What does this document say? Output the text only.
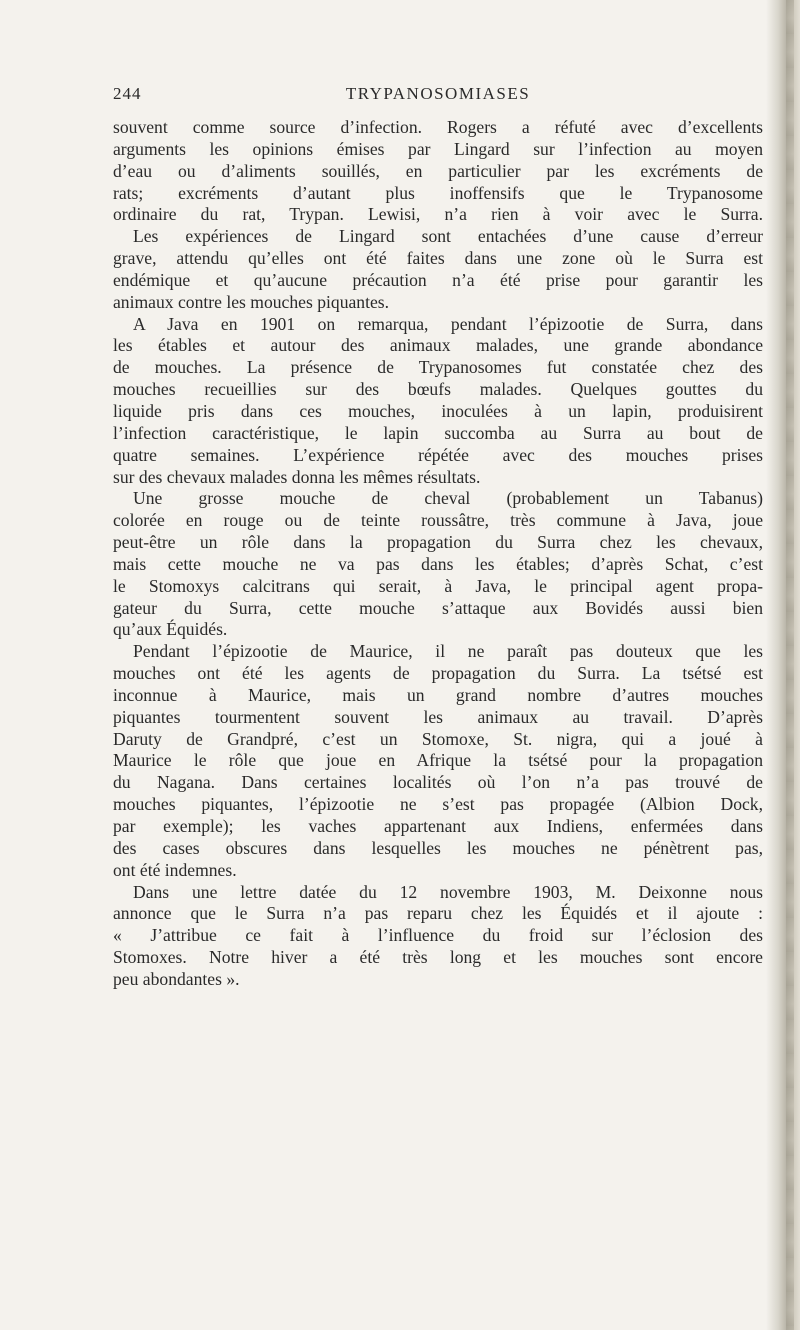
244	TRYPANOSOMIASES
souvent comme source d’infection. Rogers a réfuté avec d’excellents
arguments les opinions émises par Lingard sur l’infection au moyen
d’eau ou d’aliments souillés, en particulier par les excréments de
rats; excréments d’autant plus inoffensifs que le Trypanosome
ordinaire du rat, Trypan. Lewisi, n’a rien à voir avec le Surra.
Les expériences de Lingard sont entachées d’une cause d’erreur
grave, attendu qu’elles ont été faites dans une zone où le Surra est
endémique et qu’aucune précaution n’a été prise pour garantir les
animaux contre les mouches piquantes.
A Java en 1901 on remarqua, pendant l’épizootie de Surra, dans
les étables et autour des animaux malades, une grande abondance
de mouches. La présence de Trypanosomes fut constatée chez des
mouches recueillies sur des bœufs malades. Quelques gouttes du
liquide pris dans ces mouches, inoculées à un lapin, produisirent
l’infection caractéristique, le lapin succomba au Surra au bout de
quatre semaines. L’expérience répétée avec des mouches prises
sur des chevaux malades donna les mêmes résultats.
Une grosse mouche de cheval (probablement un Tabanus)
colorée en rouge ou de teinte roussâtre, très commune à Java, joue
peut-être un rôle dans la propagation du Surra chez les chevaux,
mais cette mouche ne va pas dans les étables; d’après Schat, c’est
le Stomoxys calcitrans qui serait, à Java, le principal agent propa-
gateur du Surra, cette mouche s’attaque aux Bovidés aussi bien
qu’aux Équidés.
Pendant l’épizootie de Maurice, il ne paraît pas douteux que les
mouches ont été les agents de propagation du Surra. La tsétsé est
inconnue à Maurice, mais un grand nombre d’autres mouches
piquantes tourmentent souvent les animaux au travail. D’après
Daruty de Grandpré, c’est un Stomoxe, St. nigra, qui a joué à
Maurice le rôle que joue en Afrique la tsétsé pour la propagation
du Nagana. Dans certaines localités où l’on n’a pas trouvé de
mouches piquantes, l’épizootie ne s’est pas propagée (Albion Dock,
par exemple); les vaches appartenant aux Indiens, enfermées dans
des cases obscures dans lesquelles les mouches ne pénètrent pas,
ont été indemnes.
Dans une lettre datée du 12 novembre 1903, M. Deixonne nous
annonce que le Surra n’a pas reparu chez les Équidés et il ajoute :
« J’attribue ce fait à l’influence du froid sur l’éclosion des
Stomoxes. Notre hiver a été très long et les mouches sont encore
peu abondantes ».
